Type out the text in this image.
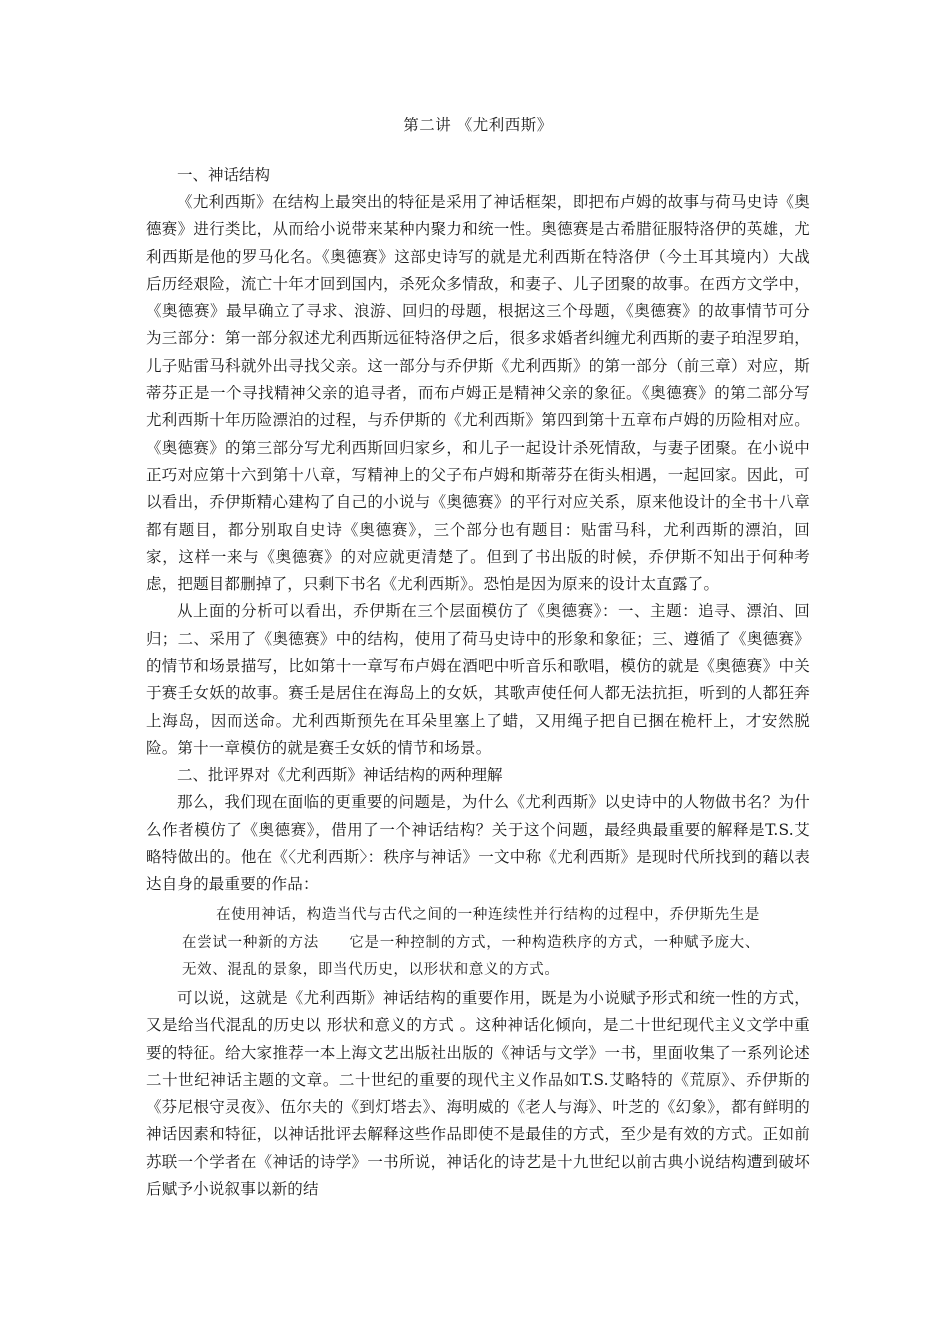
第二讲 《尤利西斯》

一、神话结构

《尤利西斯》在结构上最突出的特征是采用了神话框架，即把布卢姆的故事与荷马史诗《奥德赛》进行类比，从而给小说带来某种内聚力和统一性。奥德赛是古希腊征服特洛伊的英雄，尤利西斯是他的罗马化名。《奥德赛》这部史诗写的就是尤利西斯在特洛伊（今土耳其境内）大战后历经艰险，流亡十年才回到国内，杀死众多情敌，和妻子、儿子团聚的故事。在西方文学中，《奥德赛》最早确立了寻求、浪游、回归的母题，根据这三个母题，《奥德赛》的故事情节可分为三部分：第一部分叙述尤利西斯远征特洛伊之后，很多求婚者纠缠尤利西斯的妻子珀涅罗珀，儿子贴雷马科就外出寻找父亲。这一部分与乔伊斯《尤利西斯》的第一部分（前三章）对应，斯蒂芬正是一个寻找精神父亲的追寻者，而布卢姆正是精神父亲的象征。《奥德赛》的第二部分写尤利西斯十年历险漂泊的过程，与乔伊斯的《尤利西斯》第四到第十五章布卢姆的历险相对应。《奥德赛》的第三部分写尤利西斯回归家乡，和儿子一起设计杀死情敌，与妻子团聚。在小说中正巧对应第十六到第十八章，写精神上的父子布卢姆和斯蒂芬在街头相遇，一起回家。因此，可以看出，乔伊斯精心建构了自己的小说与《奥德赛》的平行对应关系，原来他设计的全书十八章都有题目，都分别取自史诗《奥德赛》，三个部分也有题目：贴雷马科，尤利西斯的漂泊，回家，这样一来与《奥德赛》的对应就更清楚了。但到了书出版的时候，乔伊斯不知出于何种考虑，把题目都删掉了，只剩下书名《尤利西斯》。恐怕是因为原来的设计太直露了。

从上面的分析可以看出，乔伊斯在三个层面模仿了《奥德赛》：一、主题：追寻、漂泊、回归；二、采用了《奥德赛》中的结构，使用了荷马史诗中的形象和象征；三、遵循了《奥德赛》的情节和场景描写，比如第十一章写布卢姆在酒吧中听音乐和歌唱，模仿的就是《奥德赛》中关于赛壬女妖的故事。赛壬是居住在海岛上的女妖，其歌声使任何人都无法抗拒，听到的人都狂奔上海岛，因而送命。尤利西斯预先在耳朵里塞上了蜡，又用绳子把自已捆在桅杆上，才安然脱险。第十一章模仿的就是赛壬女妖的情节和场景。

二、批评界对《尤利西斯》神话结构的两种理解

那么，我们现在面临的更重要的问题是，为什么《尤利西斯》以史诗中的人物做书名？为什么作者模仿了《奥德赛》，借用了一个神话结构？关于这个问题，最经典最重要的解释是T.S.艾略特做出的。他在《〈尤利西斯〉：秩序与神话》一文中称《尤利西斯》是现时代所找到的藉以表达自身的最重要的作品：

在使用神话，构造当代与古代之间的一种连续性并行结构的过程中，乔伊斯先生是在尝试一种新的方法　　它是一种控制的方式，一种构造秩序的方式，一种赋予庞大、无效、混乱的景象，即当代历史，以形状和意义的方式。

可以说，这就是《尤利西斯》神话结构的重要作用，既是为小说赋予形式和统一性的方式，又是给当代混乱的历史以 形状和意义的方式 。这种神话化倾向，是二十世纪现代主义文学中重要的特征。给大家推荐一本上海文艺出版社出版的《神话与文学》一书，里面收集了一系列论述二十世纪神话主题的文章。二十世纪的重要的现代主义作品如T.S.艾略特的《荒原》、乔伊斯的《芬尼根守灵夜》、伍尔夫的《到灯塔去》、海明威的《老人与海》、叶芝的《幻象》，都有鲜明的神话因素和特征，以神话批评去解释这些作品即使不是最佳的方式，至少是有效的方式。正如前苏联一个学者在《神话的诗学》一书所说，神话化的诗艺是十九世纪以前古典小说结构遭到破坏后赋予小说叙事以新的结
